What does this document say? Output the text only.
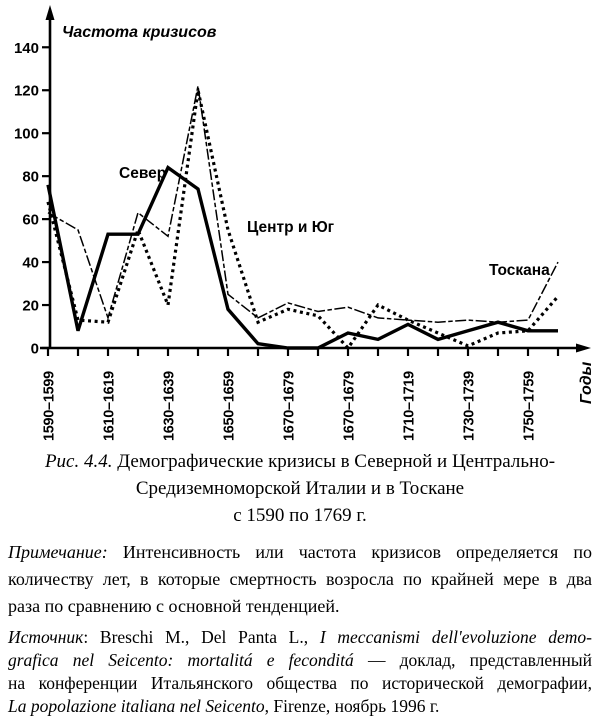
0
20
40
60
80
100
120
140
1590–1599	1610–1619	1630–1639	1650–1659	1670–1679	1670–1679	1710–1719	1730–1739	1750–1759
Частота кризисов
Годы
Север
Центр и Юг
Тоскана
Рис. 4.4. Демографические кризисы в Северной и Центрально-
Средиземноморской Италии и в Тоскане
с 1590 по 1769 г.
Примечание: Интенсивность или частота кризисов определяется по
количеству лет, в которые смертность возросла по крайней мере в два
раза по сравнению с основной тенденцией.
Источник: Breschi M., Del Panta L., I meccanismi dell'evoluzione demo-
grafica nel Seicento: mortalitá e feconditá — доклад, представленный
на конференции Итальянского общества по исторической демографии,
La popolazione italiana nel Seicento, Firenze, ноябрь 1996 г.
